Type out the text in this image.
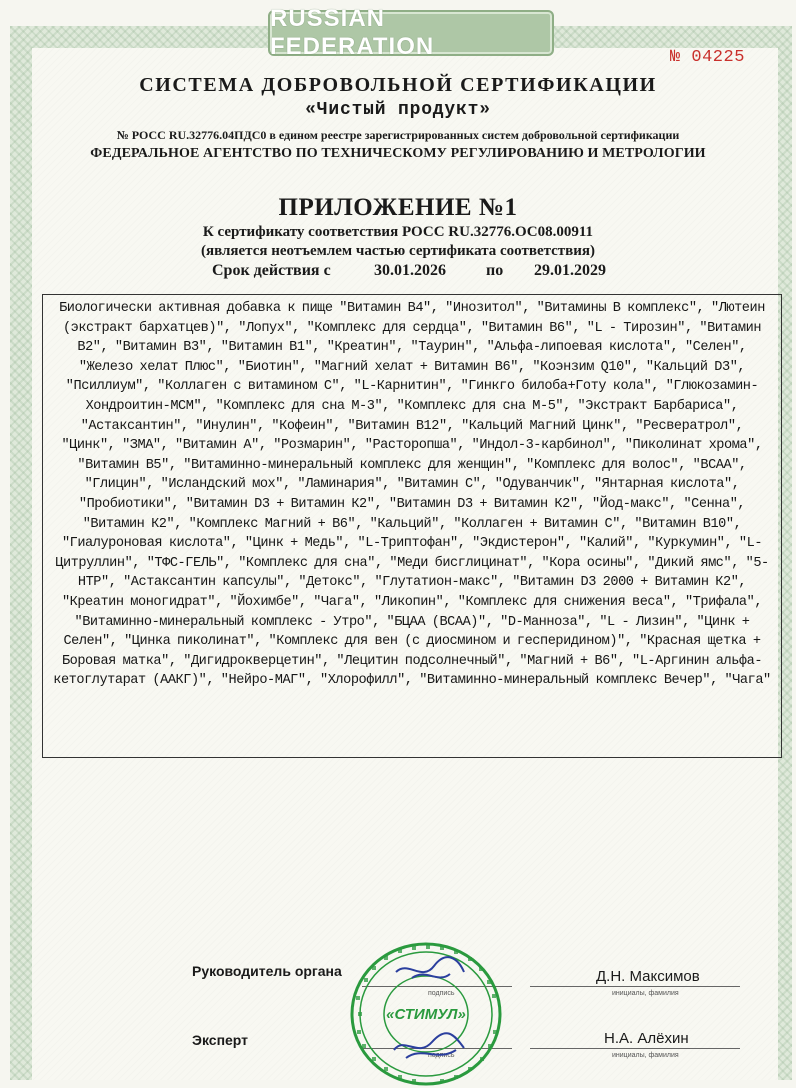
RUSSIAN FEDERATION	№ 04225
СИСТЕМА ДОБРОВОЛЬНОЙ СЕРТИФИКАЦИИ
«Чистый продукт»
№ РОСС RU.32776.04ПДС0 в едином реестре зарегистрированных систем добровольной сертификации
ФЕДЕРАЛЬНОЕ АГЕНТСТВО ПО ТЕХНИЧЕСКОМУ РЕГУЛИРОВАНИЮ И МЕТРОЛОГИИ
ПРИЛОЖЕНИЕ №1
К сертификату соответствия РОСС RU.32776.ОС08.00911
(является неотъемлем частью сертификата соответствия)
Срок действия с	30.01.2026	по 29.01.2029
Биологически активная добавка к пище "Витамин В4", "Инозитол", "Витамины В комплекс", "Лютеин (экстракт бархатцев)", "Лопух", "Комплекс для сердца", "Витамин В6", "L - Тирозин", "Витамин В2", "Витамин В3", "Витамин В1", "Креатин", "Таурин", "Альфа-липоевая кислота", "Селен", "Железо хелат Плюс", "Биотин", "Магний хелат + Витамин В6", "Коэнзим Q10", "Кальций D3", "Псиллиум", "Коллаген с витамином С", "L-Карнитин", "Гинкго билоба+Готу кола", "Глюкозамин-Хондроитин-МСМ", "Комплекс для сна М-3", "Комплекс для сна М-5", "Экстракт Барбариса", "Астаксантин", "Инулин", "Кофеин", "Витамин В12", "Кальций Магний Цинк", "Ресвератрол", "Цинк", "ЗМА", "Витамин А", "Розмарин", "Расторопша", "Индол-3-карбинол", "Пиколинат хрома", "Витамин В5", "Витаминно-минеральный комплекс для женщин", "Комплекс для волос", "ВСАА", "Глицин", "Исландский мох", "Ламинария", "Витамин С", "Одуванчик", "Янтарная кислота", "Пробиотики", "Витамин D3 + Витамин К2", "Витамин D3 + Витамин К2", "Йод-макс", "Сенна", "Витамин К2", "Комплекс Магний + В6", "Кальций", "Коллаген + Витамин С", "Витамин В10", "Гиалуроновая кислота", "Цинк + Медь", "L-Триптофан", "Экдистерон", "Калий", "Куркумин", "L-Цитруллин", "ТФС-ГЕЛЬ", "Комплекс для сна", "Меди бисглицинат", "Кора осины", "Дикий ямс", "5-НТР", "Астаксантин капсулы", "Детокс", "Глутатион-макс", "Витамин D3 2000 + Витамин К2", "Креатин моногидрат", "Йохимбе", "Чага", "Ликопин", "Комплекс для снижения веса", "Трифала", "Витаминно-минеральный комплекс - Утро", "БЦАА (ВСАА)", "D-Манноза", "L - Лизин", "Цинк + Селен", "Цинка пиколинат", "Комплекс для вен (с диосмином и гесперидином)", "Красная щетка + Боровая матка", "Дигидрокверцетин", "Лецитин подсолнечный", "Магний + В6", "L-Аргинин альфа-кетоглутарат (ААКГ)", "Нейро-МАГ", "Хлорофилл", "Витаминно-минеральный комплекс Вечер", "Чага"
Руководитель органа
подпись
Д.Н. Максимов
инициалы, фамилия
Эксперт
подпись
Н.А. Алёхин
инициалы, фамилия
«СТИМУЛ»
